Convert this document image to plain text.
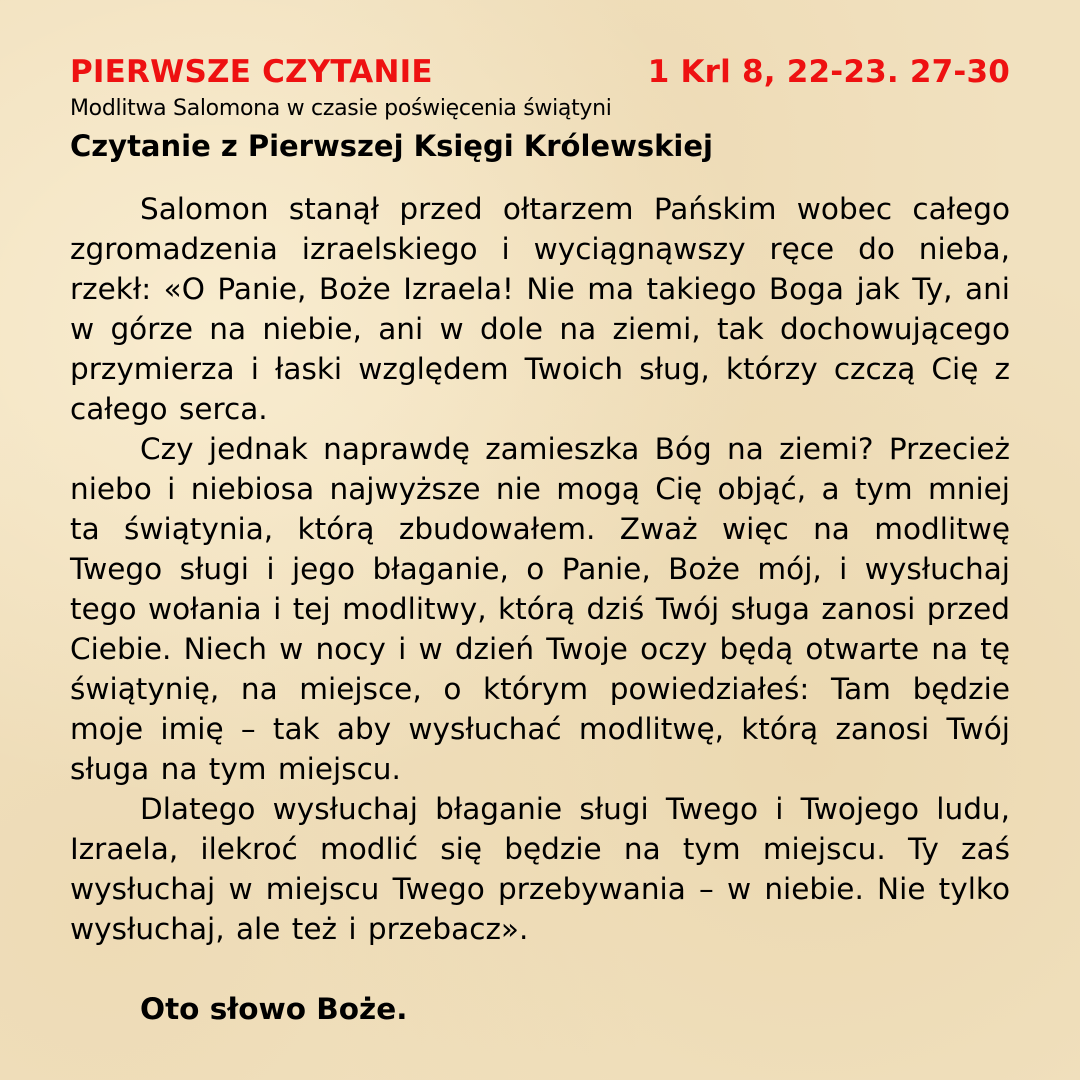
PIERWSZE CZYTANIE	1 Krl 8, 22-23. 27-30
Modlitwa Salomona w czasie poświęcenia świątyni
Czytanie z Pierwszej Księgi Królewskiej

Salomon stanął przed ołtarzem Pańskim wobec całego zgromadzenia izraelskiego i wyciągnąwszy ręce do nieba, rzekł: «O Panie, Boże Izraela! Nie ma takiego Boga jak Ty, ani w górze na niebie, ani w dole na ziemi, tak dochowującego przymierza i łaski względem Twoich sług, którzy czczą Cię z całego serca.

Czy jednak naprawdę zamieszka Bóg na ziemi? Przecież niebo i niebiosa najwyższe nie mogą Cię objąć, a tym mniej ta świątynia, którą zbudowałem. Zważ więc na modlitwę Twego sługi i jego błaganie, o Panie, Boże mój, i wysłuchaj tego wołania i tej modlitwy, którą dziś Twój sługa zanosi przed Ciebie. Niech w nocy i w dzień Twoje oczy będą otwarte na tę świątynię, na miejsce, o którym powiedziałeś: Tam będzie moje imię – tak aby wysłuchać modlitwę, którą zanosi Twój sługa na tym miejscu.

Dlatego wysłuchaj błaganie sługi Twego i Twojego ludu, Izraela, ilekroć modlić się będzie na tym miejscu. Ty zaś wysłuchaj w miejscu Twego przebywania – w niebie. Nie tylko wysłuchaj, ale też i przebacz».

Oto słowo Boże.
